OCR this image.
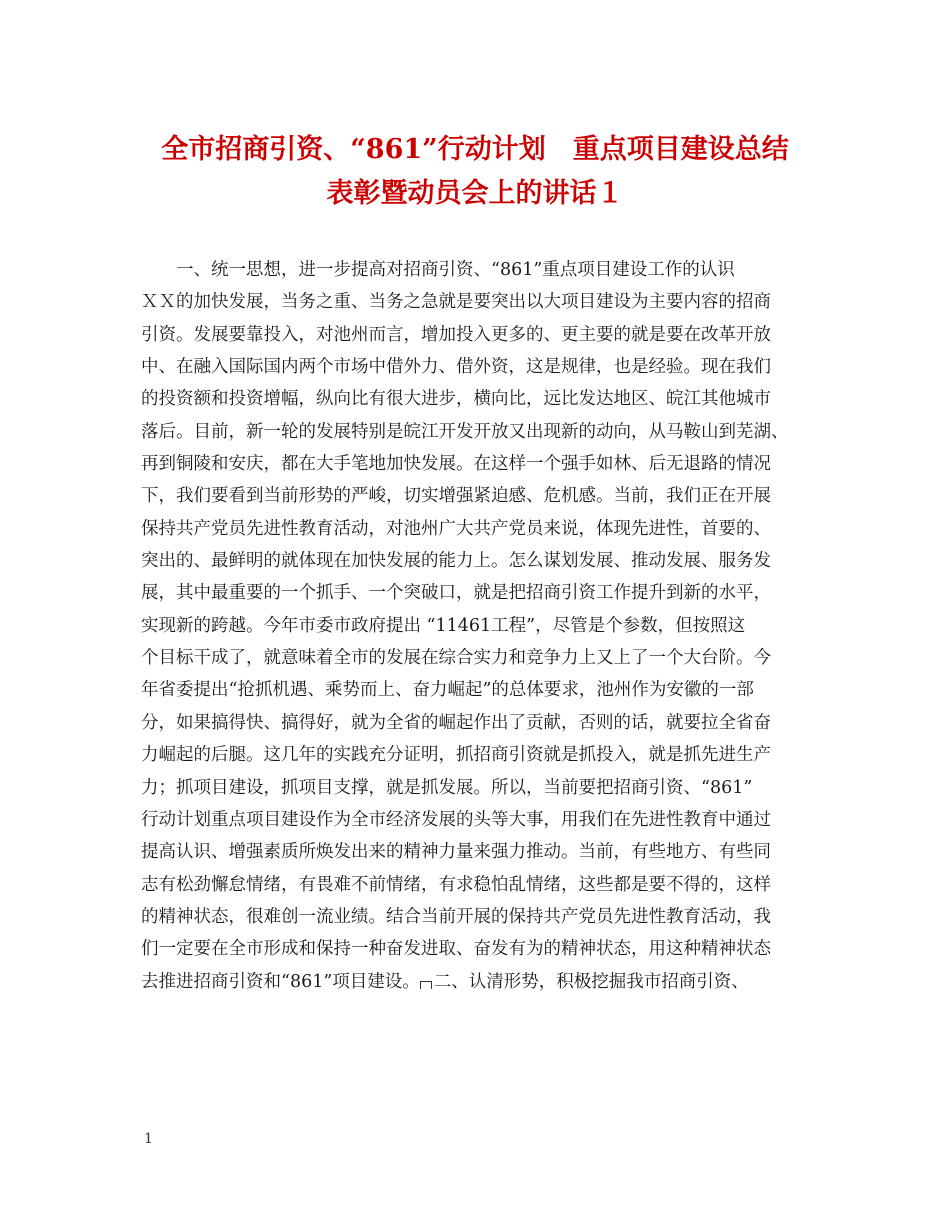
全市招商引资、“861”行动计划　重点项目建设总结
表彰暨动员会上的讲话１
一、统一思想，进一步提高对招商引资、“861”重点项目建设工作的认识
ＸＸ的加快发展，当务之重、当务之急就是要突出以大项目建设为主要内容的招商
引资。发展要靠投入，对池州而言，增加投入更多的、更主要的就是要在改革开放
中、在融入国际国内两个市场中借外力、借外资，这是规律，也是经验。现在我们
的投资额和投资增幅，纵向比有很大进步，横向比，远比发达地区、皖江其他城市
落后。目前，新一轮的发展特别是皖江开发开放又出现新的动向，从马鞍山到芜湖、
再到铜陵和安庆，都在大手笔地加快发展。在这样一个强手如林、后无退路的情况
下，我们要看到当前形势的严峻，切实增强紧迫感、危机感。当前，我们正在开展
保持共产党员先进性教育活动，对池州广大共产党员来说，体现先进性，首要的、
突出的、最鲜明的就体现在加快发展的能力上。怎么谋划发展、推动发展、服务发
展，其中最重要的一个抓手、一个突破口，就是把招商引资工作提升到新的水平，
实现新的跨越。今年市委市政府提出 “11461工程”，尽管是个参数，但按照这
个目标干成了，就意味着全市的发展在综合实力和竞争力上又上了一个大台阶。今
年省委提出“抢抓机遇、乘势而上、奋力崛起”的总体要求，池州作为安徽的一部
分，如果搞得快、搞得好，就为全省的崛起作出了贡献，否则的话，就要拉全省奋
力崛起的后腿。这几年的实践充分证明，抓招商引资就是抓投入，就是抓先进生产
力；抓项目建设，抓项目支撑，就是抓发展。所以，当前要把招商引资、“861”
行动计划重点项目建设作为全市经济发展的头等大事，用我们在先进性教育中通过
提高认识、增强素质所焕发出来的精神力量来强力推动。当前，有些地方、有些同
志有松劲懈怠情绪，有畏难不前情绪，有求稳怕乱情绪，这些都是要不得的，这样
的精神状态，很难创一流业绩。结合当前开展的保持共产党员先进性教育活动，我
们一定要在全市形成和保持一种奋发进取、奋发有为的精神状态，用这种精神状态
去推进招商引资和“861”项目建设。 二、认清形势，积极挖掘我市招商引资、
1
